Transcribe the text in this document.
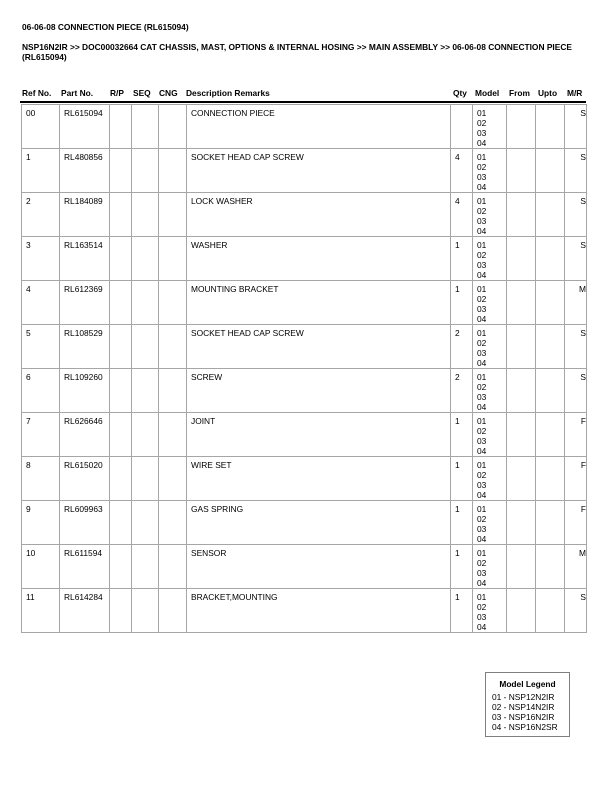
06-06-08 CONNECTION PIECE (RL615094)
NSP16N2IR >> DOC00032664 CAT CHASSIS, MAST, OPTIONS & INTERNAL HOSING >> MAIN ASSEMBLY >> 06-06-08 CONNECTION PIECE (RL615094)
Ref No. Part No. R/P SEQ CNG Description Remarks	Qty Model From Upto M/R
00	RL615094				CONNECTION PIECE		01
02
03
04			S
1	RL480856				SOCKET HEAD CAP SCREW	4	01
02
03
04			S
2	RL184089				LOCK WASHER	4	01
02
03
04			S
3	RL163514				WASHER	1	01
02
03
04			S
4	RL612369				MOUNTING BRACKET	1	01
02
03
04			M
5	RL108529				SOCKET HEAD CAP SCREW	2	01
02
03
04			S
6	RL109260				SCREW	2	01
02
03
04			S
7	RL626646				JOINT	1	01
02
03
04			F
8	RL615020				WIRE SET	1	01
02
03
04			F
9	RL609963				GAS SPRING	1	01
02
03
04			F
10	RL611594				SENSOR	1	01
02
03
04			M
11	RL614284				BRACKET,MOUNTING	1	01
02
03
04			S
Model Legend
01 - NSP12N2IR
02 - NSP14N2IR
03 - NSP16N2IR
04 - NSP16N2SR
